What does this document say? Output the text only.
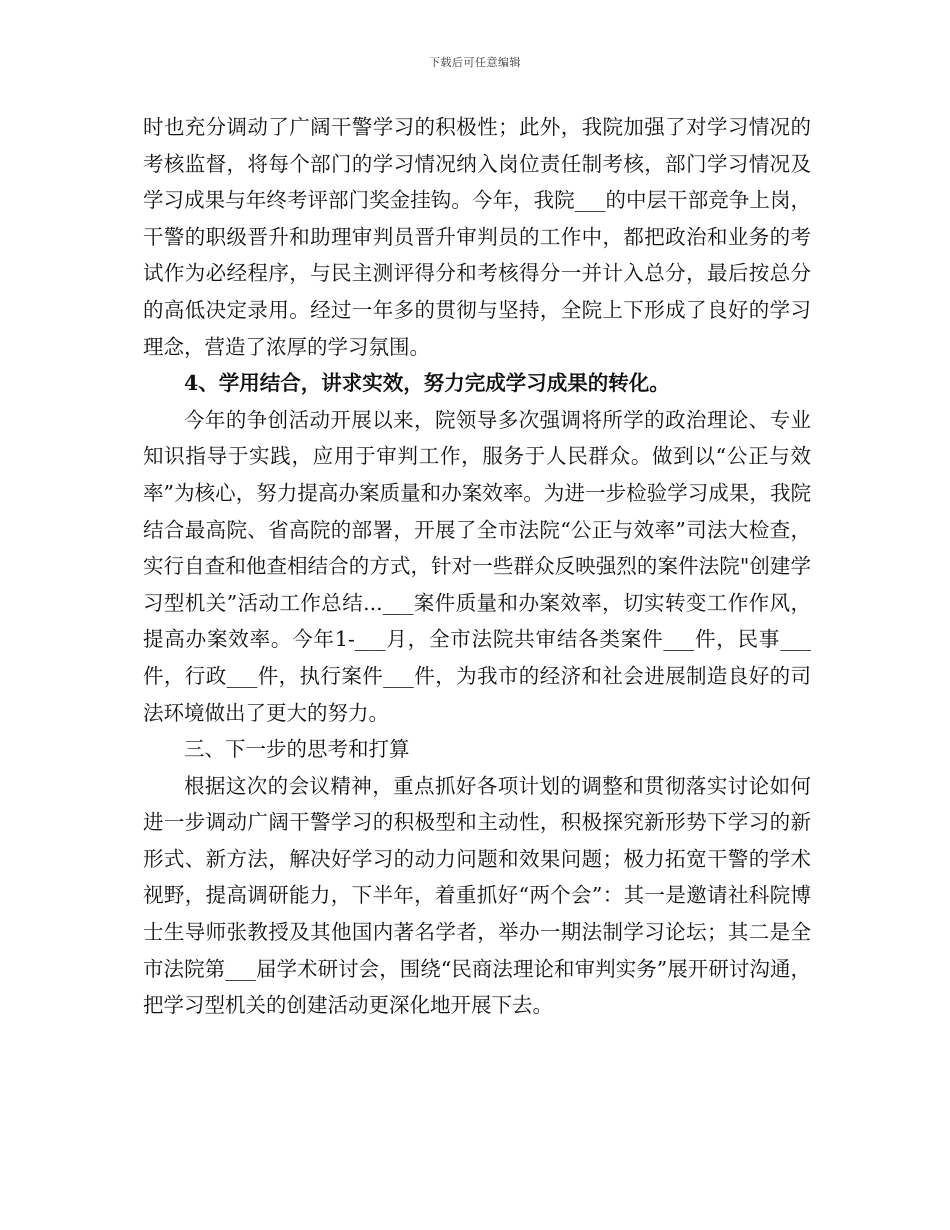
下载后可任意编辑

时也充分调动了广阔干警学习的积极性；此外，我院加强了对学习情况的考核监督，将每个部门的学习情况纳入岗位责任制考核，部门学习情况及学习成果与年终考评部门奖金挂钩。今年，我院___的中层干部竞争上岗，干警的职级晋升和助理审判员晋升审判员的工作中，都把政治和业务的考试作为必经程序，与民主测评得分和考核得分一并计入总分，最后按总分的高低决定录用。经过一年多的贯彻与坚持，全院上下形成了良好的学习理念，营造了浓厚的学习氛围。

4、学用结合，讲求实效，努力完成学习成果的转化。

今年的争创活动开展以来，院领导多次强调将所学的政治理论、专业知识指导于实践，应用于审判工作，服务于人民群众。做到以“公正与效率”为核心，努力提高办案质量和办案效率。为进一步检验学习成果，我院结合最高院、省高院的部署，开展了全市法院“公正与效率”司法大检查，实行自查和他查相结合的方式，针对一些群众反映强烈的案件法院"创建学习型机关”活动工作总结...___案件质量和办案效率，切实转变工作作风，提高办案效率。今年1-___月，全市法院共审结各类案件___件，民事___件，行政___件，执行案件___件，为我市的经济和社会进展制造良好的司法环境做出了更大的努力。

三、下一步的思考和打算

根据这次的会议精神，重点抓好各项计划的调整和贯彻落实讨论如何进一步调动广阔干警学习的积极型和主动性，积极探究新形势下学习的新形式、新方法，解决好学习的动力问题和效果问题；极力拓宽干警的学术视野，提高调研能力，下半年，着重抓好“两个会”：其一是邀请社科院博士生导师张教授及其他国内著名学者，举办一期法制学习论坛；其二是全市法院第___届学术研讨会，围绕“民商法理论和审判实务”展开研讨沟通，把学习型机关的创建活动更深化地开展下去。
